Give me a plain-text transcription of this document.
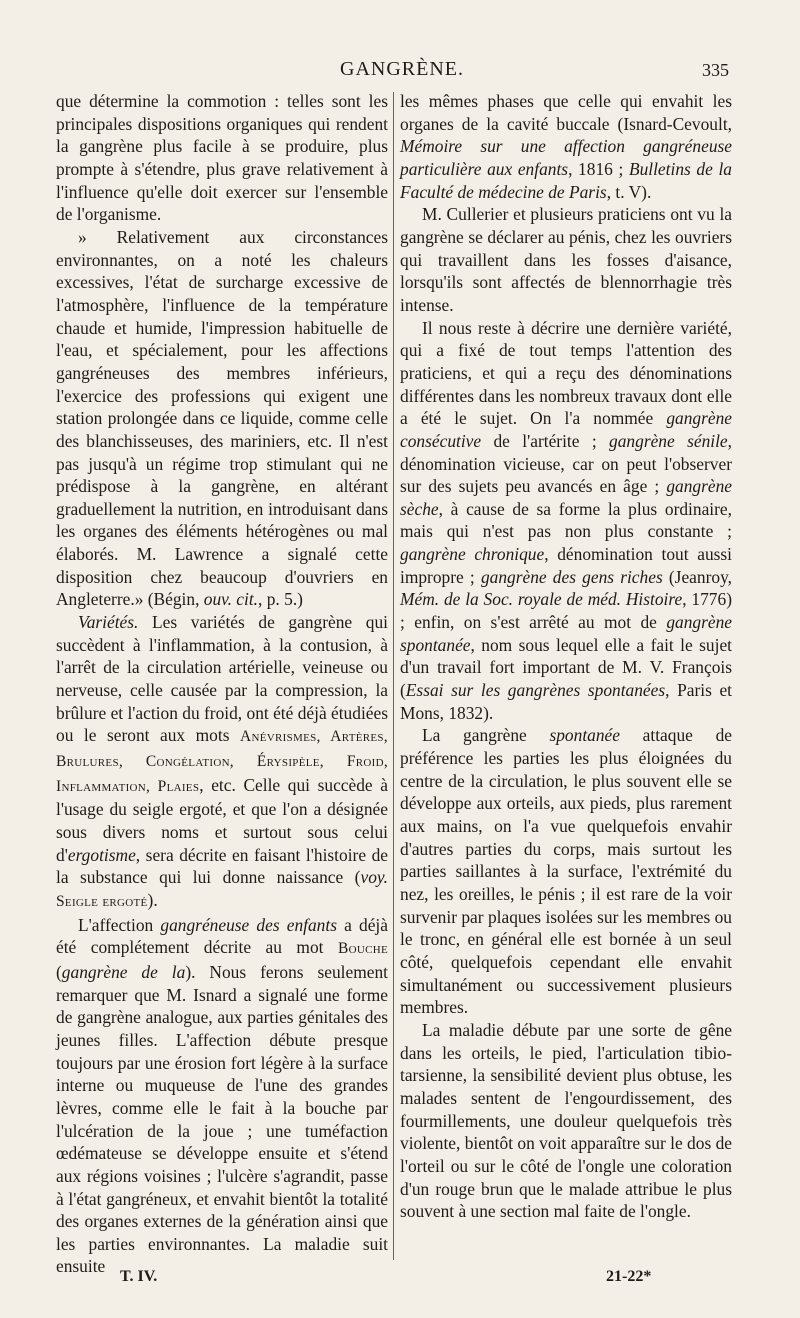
GANGRÈNE.	335

que détermine la commotion : telles sont les principales dispositions organiques qui rendent la gangrène plus facile à se produire, plus prompte à s'étendre, plus grave relativement à l'influence qu'elle doit exercer sur l'ensemble de l'organisme.

» Relativement aux circonstances environnantes, on a noté les chaleurs excessives, l'état de surcharge excessive de l'atmosphère, l'influence de la température chaude et humide, l'impression habituelle de l'eau, et spécialement, pour les affections gangréneuses des membres inférieurs, l'exercice des professions qui exigent une station prolongée dans ce liquide, comme celle des blanchisseuses, des mariniers, etc. Il n'est pas jusqu'à un régime trop stimulant qui ne prédispose à la gangrène, en altérant graduellement la nutrition, en introduisant dans les organes des éléments hétérogènes ou mal élaborés. M. Lawrence a signalé cette disposition chez beaucoup d'ouvriers en Angleterre.» (Bégin, ouv. cit., p. 5.)

Variétés. Les variétés de gangrène qui succèdent à l'inflammation, à la contusion, à l'arrêt de la circulation artérielle, veineuse ou nerveuse, celle causée par la compression, la brûlure et l'action du froid, ont été déjà étudiées ou le seront aux mots Anévrismes, Artères, Brulures, Congélation, Érysipèle, Froid, Inflammation, Plaies, etc. Celle qui succède à l'usage du seigle ergoté, et que l'on a désignée sous divers noms et surtout sous celui d'ergotisme, sera décrite en faisant l'histoire de la substance qui lui donne naissance (voy. Seigle ergoté).

L'affection gangréneuse des enfants a déjà été complétement décrite au mot Bouche (gangrène de la). Nous ferons seulement remarquer que M. Isnard a signalé une forme de gangrène analogue, aux parties génitales des jeunes filles. L'affection débute presque toujours par une érosion fort légère à la surface interne ou muqueuse de l'une des grandes lèvres, comme elle le fait à la bouche par l'ulcération de la joue ; une tuméfaction œdémateuse se développe ensuite et s'étend aux régions voisines ; l'ulcère s'agrandit, passe à l'état gangréneux, et envahit bientôt la totalité des organes externes de la génération ainsi que les parties environnantes. La maladie suit ensuite

les mêmes phases que celle qui envahit les organes de la cavité buccale (Isnard-Cevoult, Mémoire sur une affection gangréneuse particulière aux enfants, 1816 ; Bulletins de la Faculté de médecine de Paris, t. V).

M. Cullerier et plusieurs praticiens ont vu la gangrène se déclarer au pénis, chez les ouvriers qui travaillent dans les fosses d'aisance, lorsqu'ils sont affectés de blennorrhagie très intense.

Il nous reste à décrire une dernière variété, qui a fixé de tout temps l'attention des praticiens, et qui a reçu des dénominations différentes dans les nombreux travaux dont elle a été le sujet. On l'a nommée gangrène consécutive de l'artérite ; gangrène sénile, dénomination vicieuse, car on peut l'observer sur des sujets peu avancés en âge ; gangrène sèche, à cause de sa forme la plus ordinaire, mais qui n'est pas non plus constante ; gangrène chronique, dénomination tout aussi impropre ; gangrène des gens riches (Jeanroy, Mém. de la Soc. royale de méd. Histoire, 1776) ; enfin, on s'est arrêté au mot de gangrène spontanée, nom sous lequel elle a fait le sujet d'un travail fort important de M. V. François (Essai sur les gangrènes spontanées, Paris et Mons, 1832).

La gangrène spontanée attaque de préférence les parties les plus éloignées du centre de la circulation, le plus souvent elle se développe aux orteils, aux pieds, plus rarement aux mains, on l'a vue quelquefois envahir d'autres parties du corps, mais surtout les parties saillantes à la surface, l'extrémité du nez, les oreilles, le pénis ; il est rare de la voir survenir par plaques isolées sur les membres ou le tronc, en général elle est bornée à un seul côté, quelquefois cependant elle envahit simultanément ou successivement plusieurs membres.

La maladie débute par une sorte de gêne dans les orteils, le pied, l'articulation tibio-tarsienne, la sensibilité devient plus obtuse, les malades sentent de l'engourdissement, des fourmillements, une douleur quelquefois très violente, bientôt on voit apparaître sur le dos de l'orteil ou sur le côté de l'ongle une coloration d'un rouge brun que le malade attribue le plus souvent à une section mal faite de l'ongle.

T. IV.	21-22*
